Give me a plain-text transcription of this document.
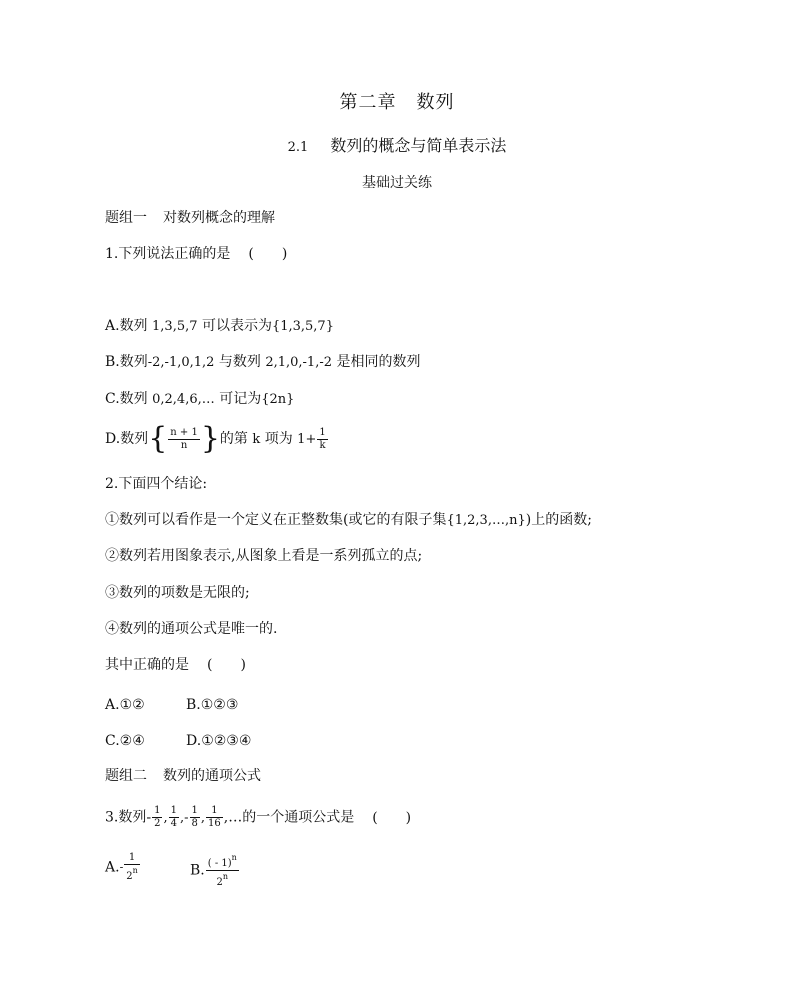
第二章 数列
2.1 数列的概念与简单表示法
基础过关练
题组一 对数列概念的理解
1.下列说法正确的是 (　　)
A.数列 1,3,5,7 可以表示为{1,3,5,7}
B.数列-2,-1,0,1,2 与数列 2,1,0,-1,-2 是相同的数列
C.数列 0,2,4,6,… 可记为{2n}
D.数列{ $\frac{n + 1}{n}$ }的第 k 项为 $1+ \frac{1}{k}$
2.下面四个结论:
①数列可以看作是一个定义在正整数集(或它的有限子集{1,2,3,…,n})上的函数;
②数列若用图象表示,从图象上看是一系列孤立的点;
③数列的项数是无限的;
④数列的通项公式是唯一的.
其中正确的是 (　　)
A.①②	B.①②③
C.②④	D.①②③④
题组二 数列的通项公式
3.数列- $\frac{1}{2}$ , $\frac{1}{4}$ ,- $\frac{1}{8}$ , $\frac{1}{16}$ ,…的一个通项公式是 (　　)
$A.- \frac{1}{2^n}$	B. $\frac{( - 1)^n}{2^n}$
